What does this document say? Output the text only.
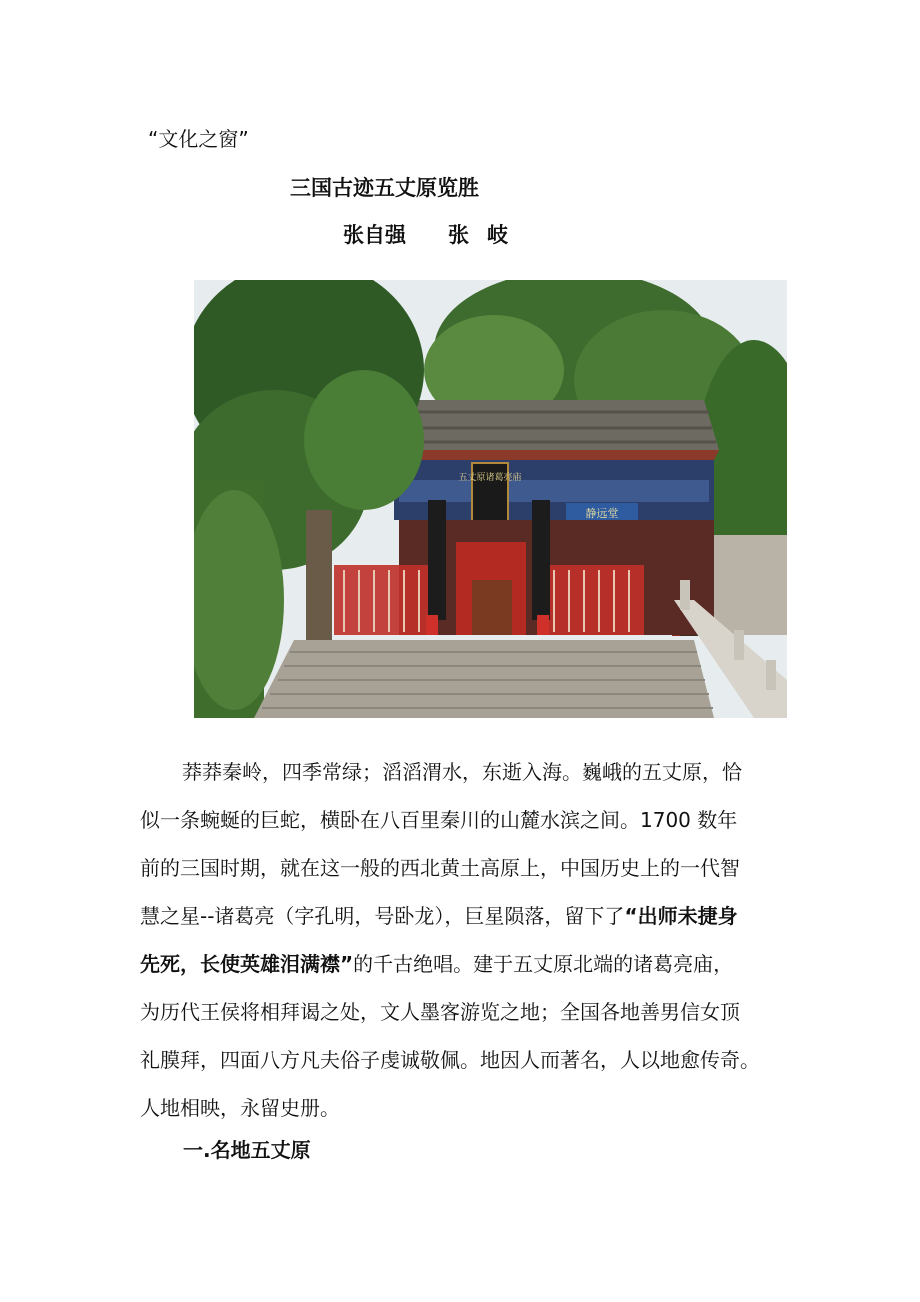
“文化之窗”
三国古迹五丈原览胜
张自强 张岐
静远堂
五丈原诸葛亮庙
莽莽秦岭，四季常绿；滔滔渭水，东逝入海。巍峨的五丈原，恰
似一条蜿蜒的巨蛇，横卧在八百里秦川的山麓水滨之间。1700 数年
前的三国时期，就在这一般的西北黄土高原上，中国历史上的一代智
慧之星--诸葛亮（字孔明，号卧龙），巨星陨落，留下了“出师未捷身
先死，长使英雄泪满襟”的千古绝唱。建于五丈原北端的诸葛亮庙，
为历代王侯将相拜谒之处，文人墨客游览之地；全国各地善男信女顶
礼膜拜，四面八方凡夫俗子虔诚敬佩。地因人而著名，人以地愈传奇。
人地相映，永留史册。
一.名地五丈原
